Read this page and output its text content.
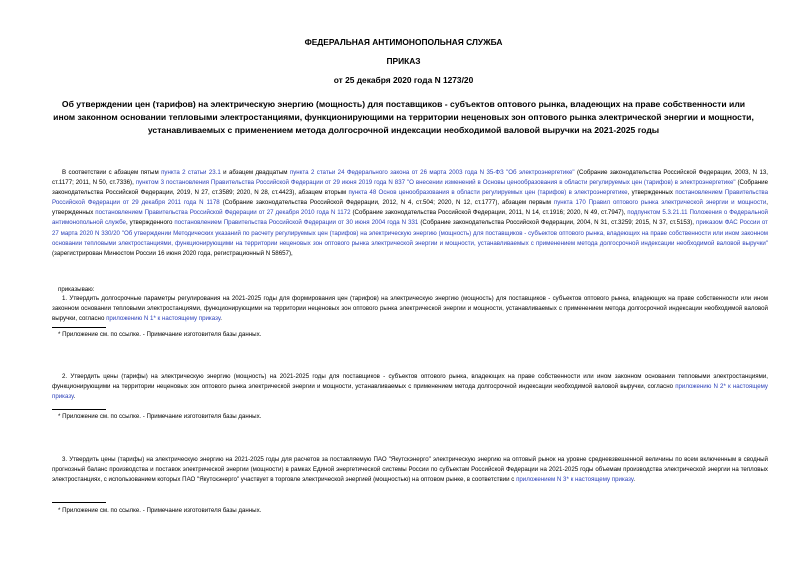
ФЕДЕРАЛЬНАЯ АНТИМОНОПОЛЬНАЯ СЛУЖБА
ПРИКАЗ
от 25 декабря 2020 года N 1273/20
Об утверждении цен (тарифов) на электрическую энергию (мощность) для поставщиков - субъектов оптового рынка, владеющих на праве собственности или ином законном основании тепловыми электростанциями, функционирующими на территории неценовых зон оптового рынка электрической энергии и мощности, устанавливаемых с применением метода долгосрочной индексации необходимой валовой выручки на 2021-2025 годы
В соответствии с абзацем пятым пункта 2 статьи 23.1 и абзацем двадцатым пункта 2 статьи 24 Федерального закона от 26 марта 2003 года N 35-ФЗ "Об электроэнергетике" (Собрание законодательства Российской Федерации, 2003, N 13, ст.1177; 2011, N 50, ст.7336), пунктом 3 постановления Правительства Российской Федерации от 29 июня 2019 года N 837 "О внесении изменений в Основы ценообразования в области регулируемых цен (тарифов) в электроэнергетике" (Собрание законодательства Российской Федерации, 2019, N 27, ст.3589; 2020, N 28, ст.4423), абзацем вторым пункта 48 Основ ценообразования в области регулируемых цен (тарифов) в электроэнергетике, утвержденных постановлением Правительства Российской Федерации от 29 декабря 2011 года N 1178 (Собрание законодательства Российской Федерации, 2012, N 4, ст.504; 2020, N 12, ст.1777), абзацем первым пункта 170 Правил оптового рынка электрической энергии и мощности, утвержденных постановлением Правительства Российской Федерации от 27 декабря 2010 года N 1172 (Собрание законодательства Российской Федерации, 2011, N 14, ст.1916; 2020, N 49, ст.7947), подпунктом 5.3.21.11 Положения о Федеральной антимонопольной службе, утвержденного постановлением Правительства Российской Федерации от 30 июня 2004 года N 331 (Собрание законодательства Российской Федерации, 2004, N 31, ст.3259; 2015, N 37, ст.5153), приказом ФАС России от 27 марта 2020 N 330/20 "Об утверждении Методических указаний по расчету регулируемых цен (тарифов) на электрическую энергию (мощность) для поставщиков - субъектов оптового рынка, владеющих на праве собственности или ином законном основании тепловыми электростанциями, функционирующими на территории неценовых зон оптового рынка электрической энергии и мощности, устанавливаемых с применением метода долгосрочной индексации необходимой валовой выручки" (зарегистрирован Минюстом России 16 июня 2020 года, регистрационный N 58657),
приказываю:
1. Утвердить долгосрочные параметры регулирования на 2021-2025 годы для формирования цен (тарифов) на электрическую энергию (мощность) для поставщиков - субъектов оптового рынка, владеющих на праве собственности или ином законном основании тепловыми электростанциями, функционирующими на территории неценовых зон оптового рынка электрической энергии и мощности, устанавливаемых с применением метода долгосрочной индексации необходимой валовой выручки, согласно приложению N 1* к настоящему приказу.
* Приложение см. по ссылке. - Примечание изготовителя базы данных.
2. Утвердить цены (тарифы) на электрическую энергию (мощность) на 2021-2025 годы для поставщиков - субъектов оптового рынка, владеющих на праве собственности или ином законном основании тепловыми электростанциями, функционирующими на территории неценовых зон оптового рынка электрической энергии и мощности, устанавливаемых с применением метода долгосрочной индексации необходимой валовой выручки, согласно приложению N 2* к настоящему приказу.
* Приложение см. по ссылке. - Примечание изготовителя базы данных.
3. Утвердить цены (тарифы) на электрическую энергию на 2021-2025 годы для расчетов за поставляемую ПАО "Якутскэнерго" электрическую энергию на оптовый рынок на уровне средневзвешенной величины по всем включенным в сводный прогнозный баланс производства и поставок электрической энергии (мощности) в рамках Единой энергетической системы России по субъектам Российской Федерации на 2021-2025 годы объемам производства электрической энергии на тепловых электростанциях, с использованием которых ПАО "Якутскэнерго" участвует в торговле электрической энергией (мощностью) на оптовом рынке, в соответствии с приложением N 3* к настоящему приказу.
* Приложение см. по ссылке. - Примечание изготовителя базы данных.
